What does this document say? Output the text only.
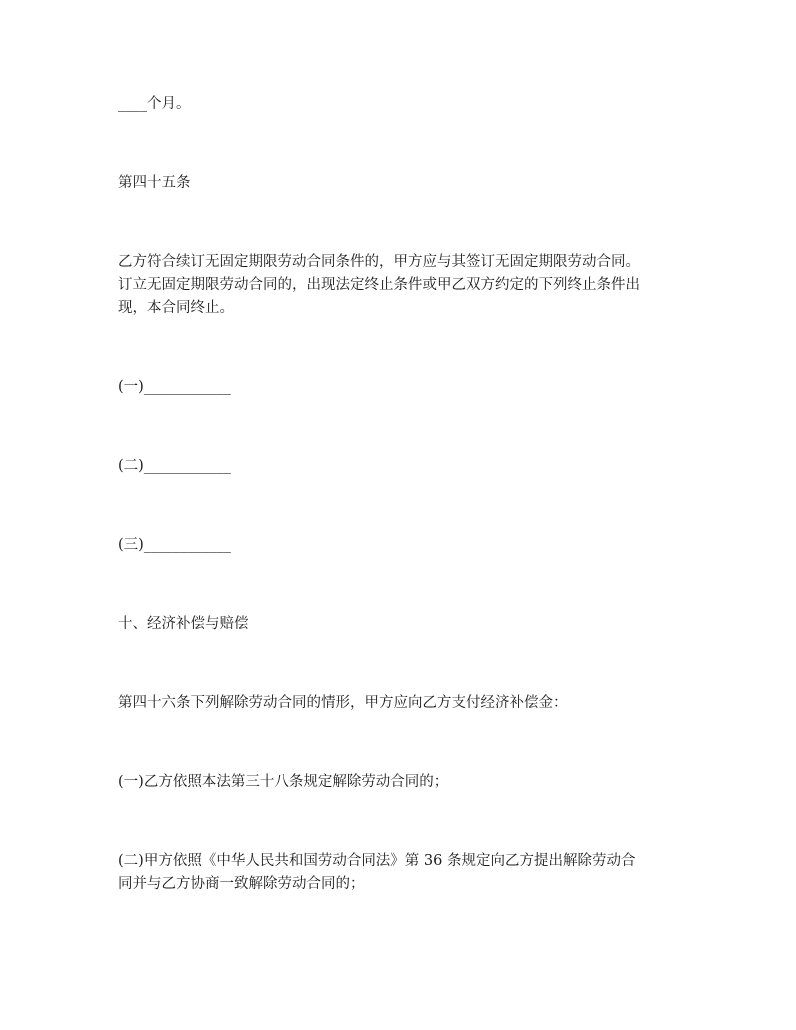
____个月。

第四十五条

乙方符合续订无固定期限劳动合同条件的，甲方应与其签订无固定期限劳动合同。
订立无固定期限劳动合同的，出现法定终止条件或甲乙双方约定的下列终止条件出
现，本合同终止。

(一)____________

(二)____________

(三)____________

十、经济补偿与赔偿

第四十六条下列解除劳动合同的情形，甲方应向乙方支付经济补偿金：

(一)乙方依照本法第三十八条规定解除劳动合同的；

(二)甲方依照《中华人民共和国劳动合同法》第 36 条规定向乙方提出解除劳动合
同并与乙方协商一致解除劳动合同的；
